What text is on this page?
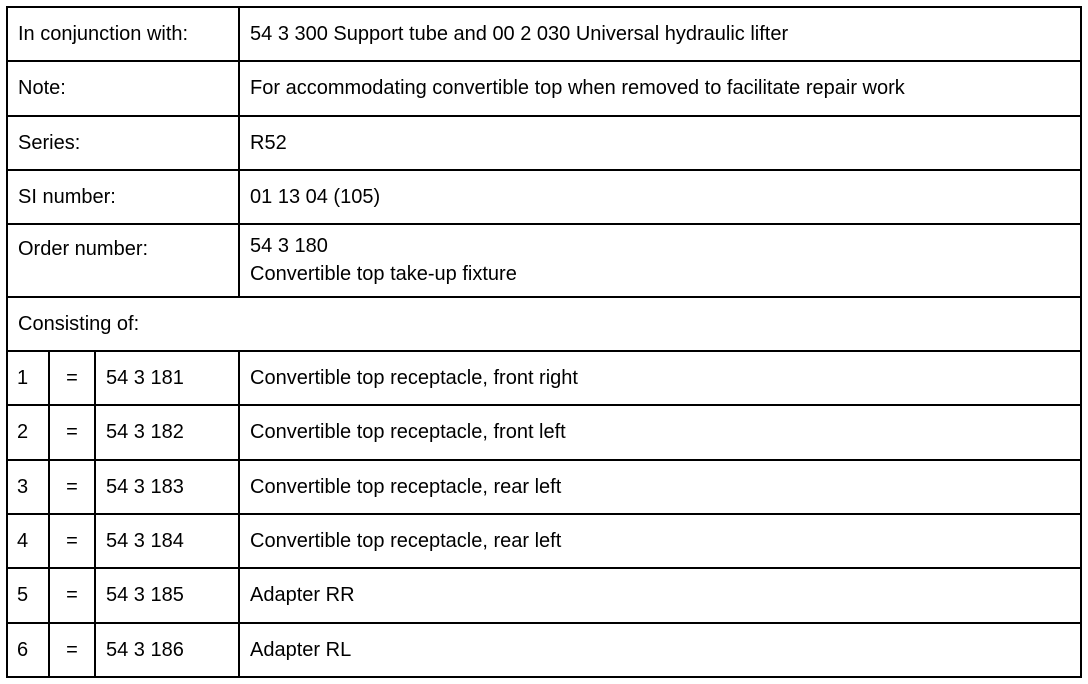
In conjunction with:			54 3 300 Support tube and 00 2 030 Universal hydraulic lifter
Note:			For accommodating convertible top when removed to facilitate repair work
Series:			R52
SI number:			01 13 04 (105)
Order number:			54 3 180
Convertible top take-up fixture

Consisting of:			
1	=	54 3 181	Convertible top receptacle, front right
2	=	54 3 182	Convertible top receptacle, front left
3	=	54 3 183	Convertible top receptacle, rear left
4	=	54 3 184	Convertible top receptacle, rear left
5	=	54 3 185	Adapter RR
6	=	54 3 186	Adapter RL
